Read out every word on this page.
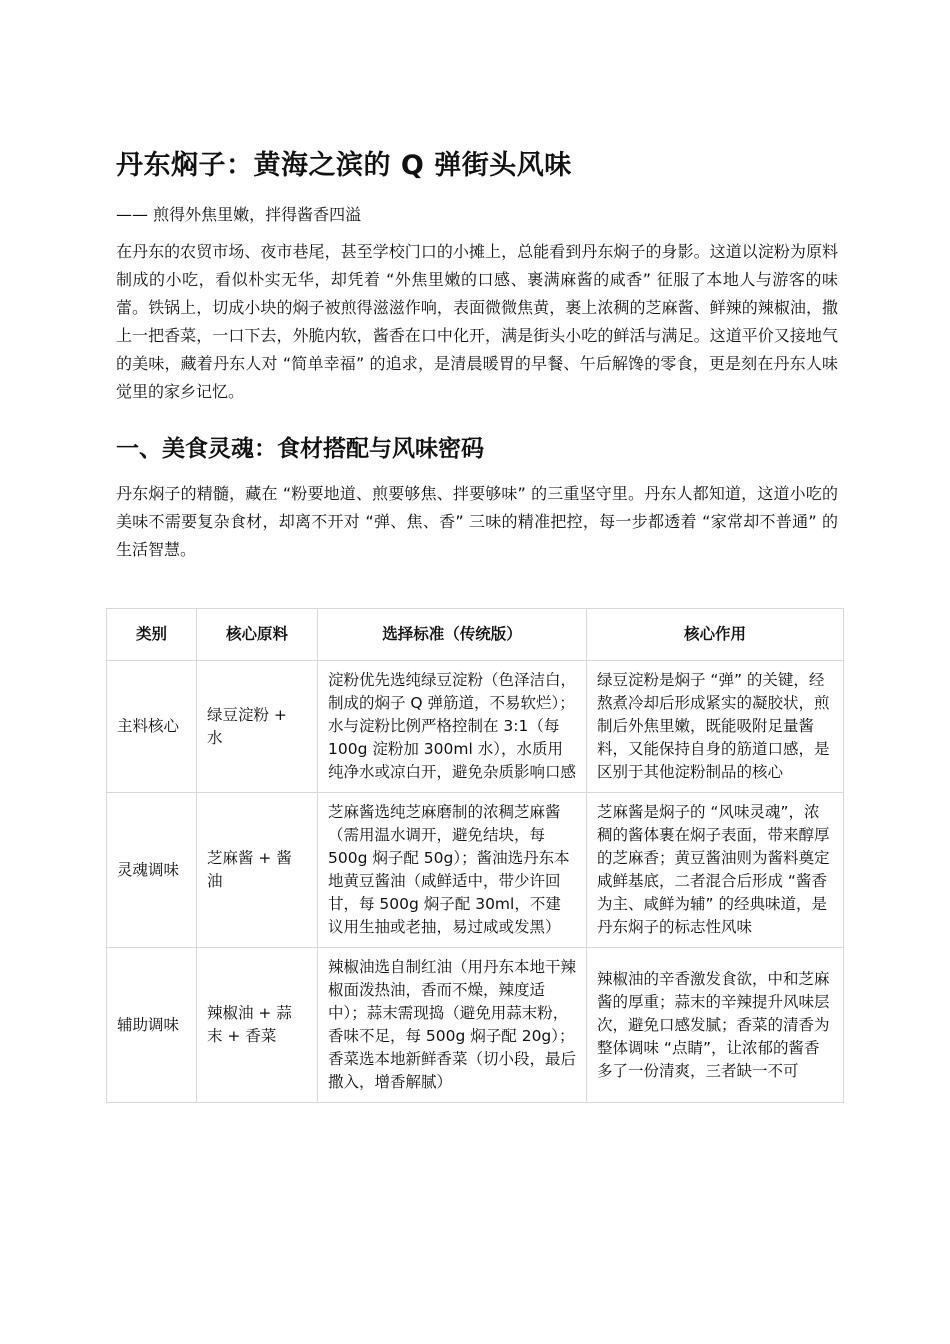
丹东焖子：黄海之滨的 Q 弹街头风味

—— 煎得外焦里嫩，拌得酱香四溢

在丹东的农贸市场、夜市巷尾，甚至学校门口的小摊上，总能看到丹东焖子的身影。这道以淀粉为原料制成的小吃，看似朴实无华，却凭着 “外焦里嫩的口感、裹满麻酱的咸香” 征服了本地人与游客的味蕾。铁锅上，切成小块的焖子被煎得滋滋作响，表面微微焦黄，裹上浓稠的芝麻酱、鲜辣的辣椒油，撒上一把香菜，一口下去，外脆内软，酱香在口中化开，满是街头小吃的鲜活与满足。这道平价又接地气的美味，藏着丹东人对 “简单幸福” 的追求，是清晨暖胃的早餐、午后解馋的零食，更是刻在丹东人味觉里的家乡记忆。

一、美食灵魂：食材搭配与风味密码

丹东焖子的精髓，藏在 “粉要地道、煎要够焦、拌要够味” 的三重坚守里。丹东人都知道，这道小吃的美味不需要复杂食材，却离不开对 “弹、焦、香” 三味的精准把控，每一步都透着 “家常却不普通” 的生活智慧。

类别	核心原料	选择标准（传统版）	核心作用
主料核心	绿豆淀粉 + 水	淀粉优先选纯绿豆淀粉（色泽洁白，制成的焖子 Q 弹筋道，不易软烂）；水与淀粉比例严格控制在 3:1（每 100g 淀粉加 300ml 水），水质用纯净水或凉白开，避免杂质影响口感	绿豆淀粉是焖子 “弹” 的关键，经熬煮冷却后形成紧实的凝胶状，煎制后外焦里嫩，既能吸附足量酱料，又能保持自身的筋道口感，是区别于其他淀粉制品的核心
灵魂调味	芝麻酱 + 酱油	芝麻酱选纯芝麻磨制的浓稠芝麻酱（需用温水调开，避免结块，每 500g 焖子配 50g）；酱油选丹东本地黄豆酱油（咸鲜适中，带少许回甘，每 500g 焖子配 30ml，不建议用生抽或老抽，易过咸或发黑）	芝麻酱是焖子的 “风味灵魂”，浓稠的酱体裹在焖子表面，带来醇厚的芝麻香；黄豆酱油则为酱料奠定咸鲜基底，二者混合后形成 “酱香为主、咸鲜为辅” 的经典味道，是丹东焖子的标志性风味
辅助调味	辣椒油 + 蒜末 + 香菜	辣椒油选自制红油（用丹东本地干辣椒面泼热油，香而不燥，辣度适中）；蒜末需现捣（避免用蒜末粉，香味不足，每 500g 焖子配 20g）；香菜选本地新鲜香菜（切小段，最后撒入，增香解腻）	辣椒油的辛香激发食欲，中和芝麻酱的厚重；蒜末的辛辣提升风味层次，避免口感发腻；香菜的清香为整体调味 “点睛”，让浓郁的酱香多了一份清爽，三者缺一不可
